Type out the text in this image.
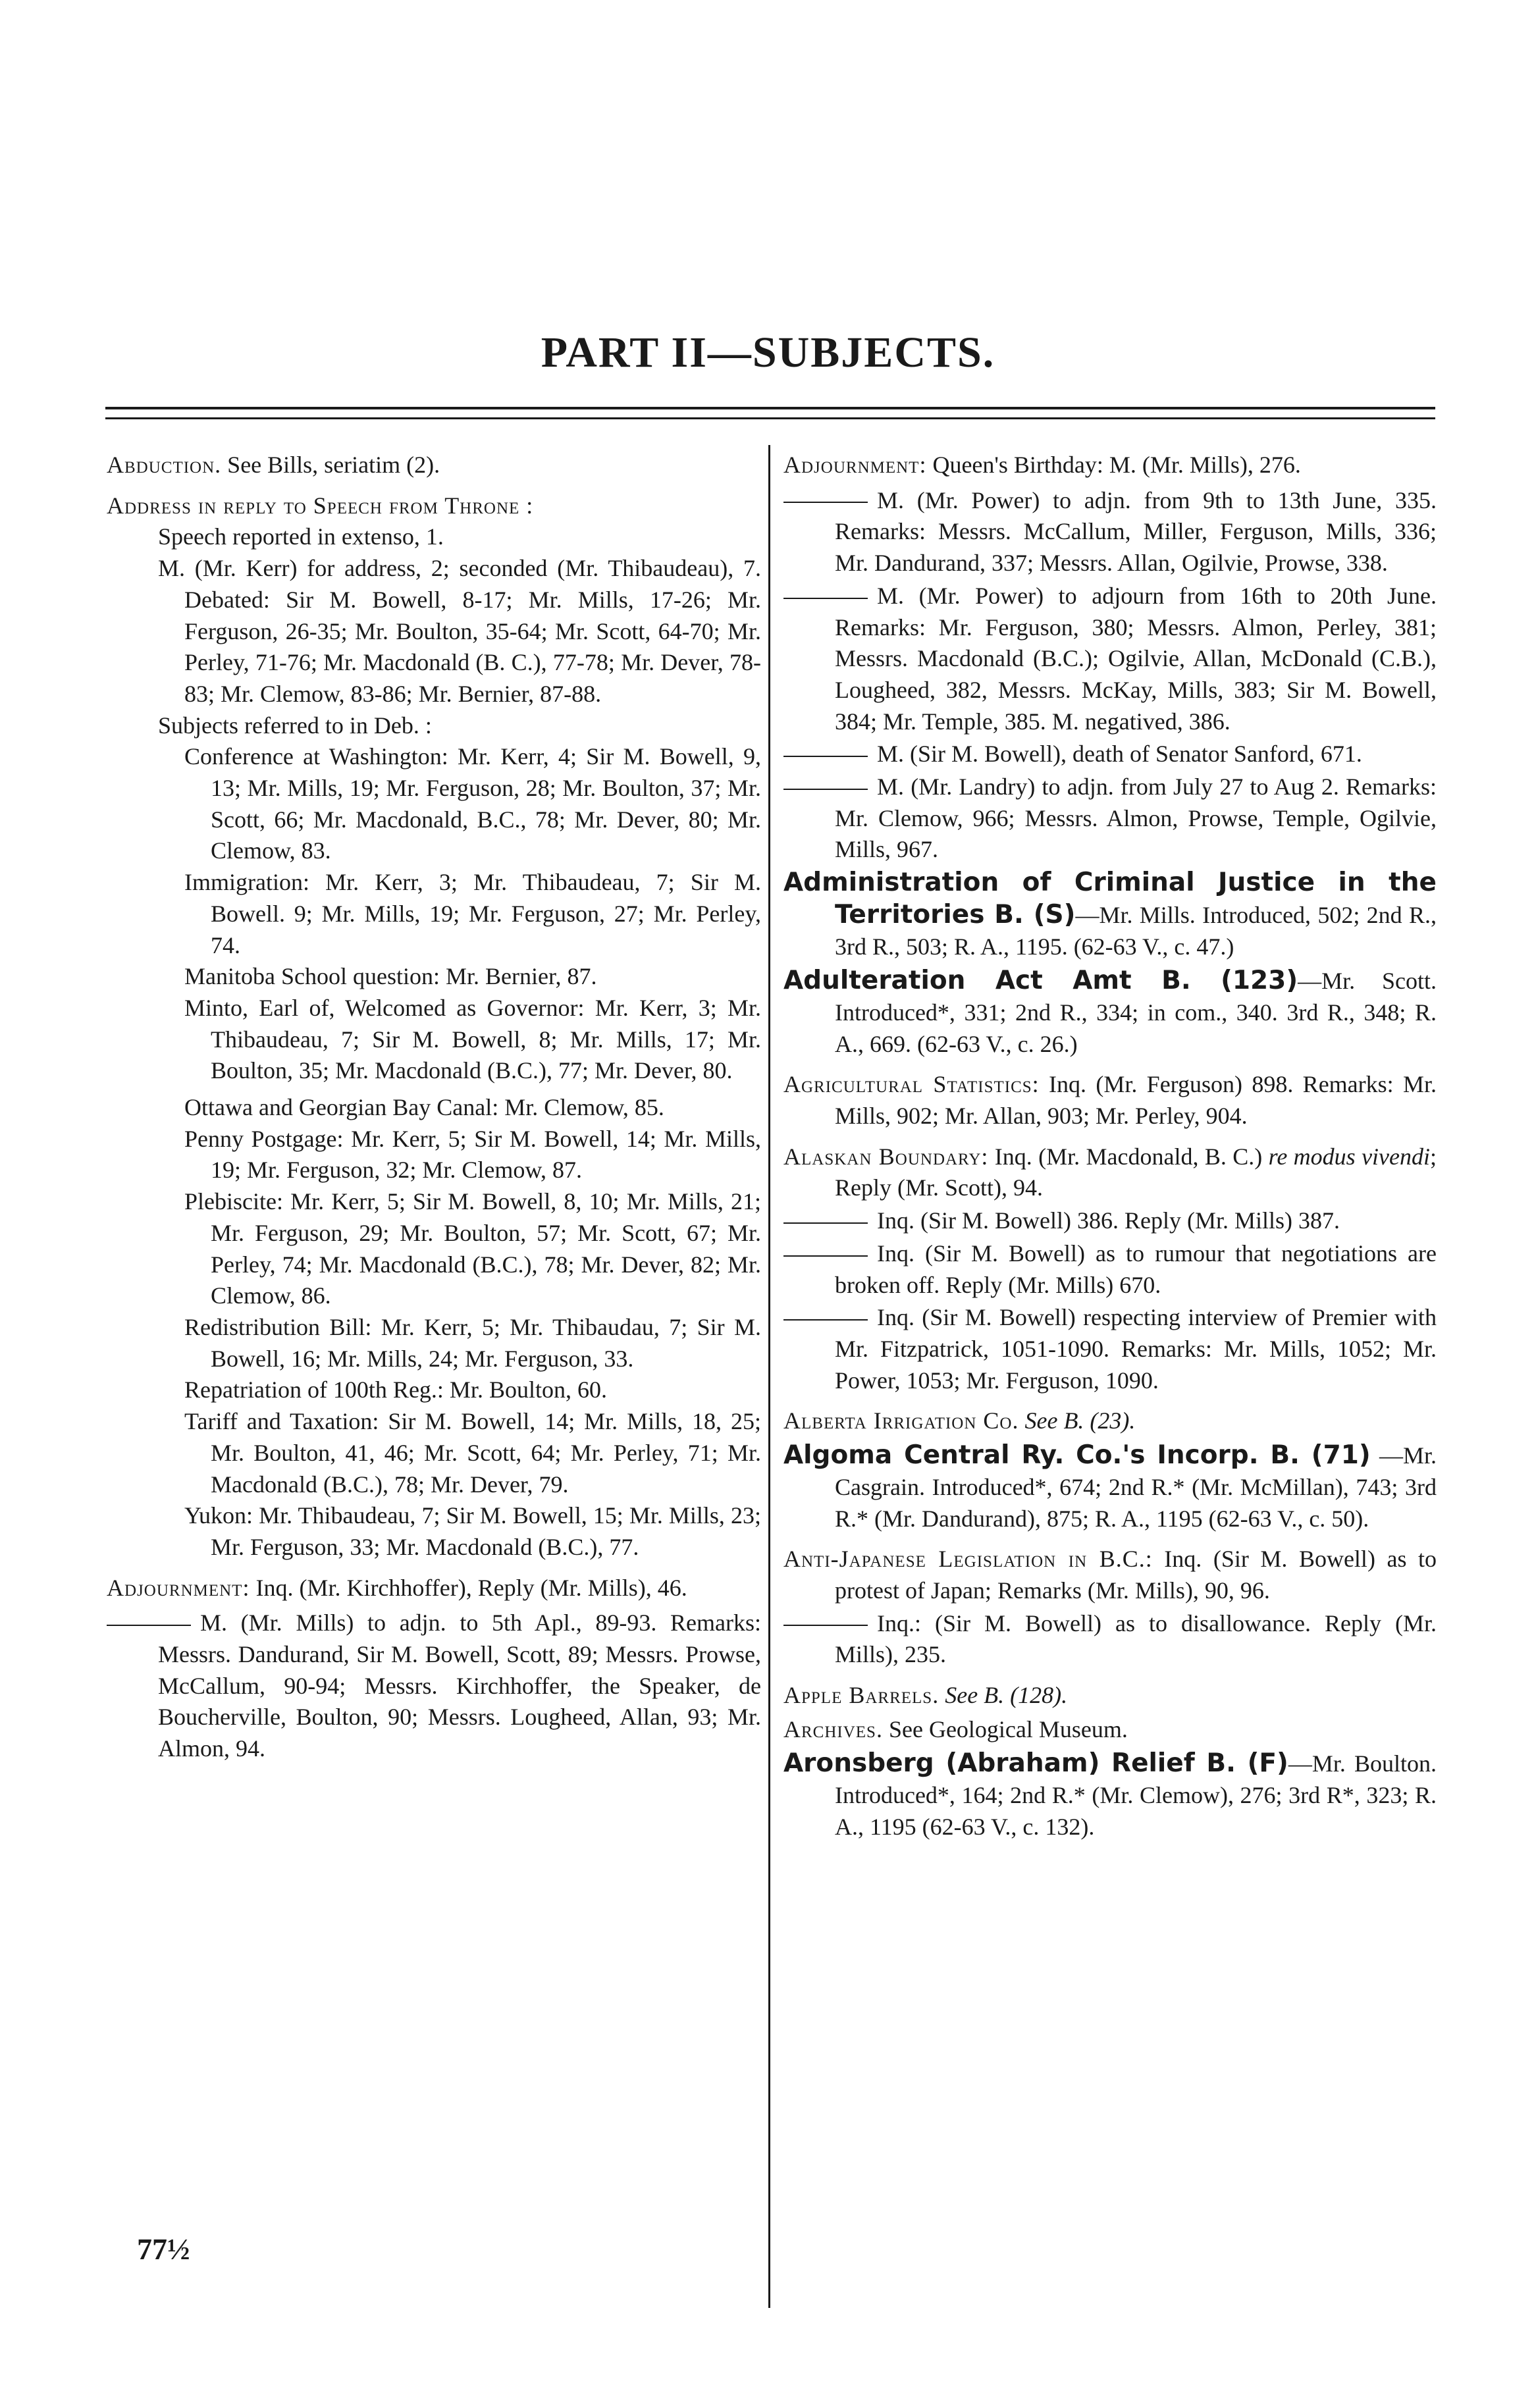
PART II—SUBJECTS.

Abduction. See Bills, seriatim (2).

Address in reply to Speech from Throne :

Speech reported in extenso, 1.
M. (Mr. Kerr) for address, 2; seconded (Mr. Thibaudeau), 7. Debated: Sir M. Bowell, 8-17; Mr. Mills, 17-26; Mr. Ferguson, 26-35; Mr. Boulton, 35-64; Mr. Scott, 64-70; Mr. Perley, 71-76; Mr. Macdonald (B. C.), 77-78; Mr. Dever, 78-83; Mr. Clemow, 83-86; Mr. Bernier, 87-88.
Subjects referred to in Deb. :
Conference at Washington: Mr. Kerr, 4; Sir M. Bowell, 9, 13; Mr. Mills, 19; Mr. Ferguson, 28; Mr. Boulton, 37; Mr. Scott, 66; Mr. Macdonald, B.C., 78; Mr. Dever, 80; Mr. Clemow, 83.
Immigration: Mr. Kerr, 3; Mr. Thibaudeau, 7; Sir M. Bowell. 9; Mr. Mills, 19; Mr. Ferguson, 27; Mr. Perley, 74.
Manitoba School question: Mr. Bernier, 87.
Minto, Earl of, Welcomed as Governor: Mr. Kerr, 3; Mr. Thibaudeau, 7; Sir M. Bowell, 8; Mr. Mills, 17; Mr. Boulton, 35; Mr. Macdonald (B.C.), 77; Mr. Dever, 80.
Ottawa and Georgian Bay Canal: Mr. Clemow, 85.
Penny Postgage: Mr. Kerr, 5; Sir M. Bowell, 14; Mr. Mills, 19; Mr. Ferguson, 32; Mr. Clemow, 87.
Plebiscite: Mr. Kerr, 5; Sir M. Bowell, 8, 10; Mr. Mills, 21; Mr. Ferguson, 29; Mr. Boulton, 57; Mr. Scott, 67; Mr. Perley, 74; Mr. Macdonald (B.C.), 78; Mr. Dever, 82; Mr. Clemow, 86.
Redistribution Bill: Mr. Kerr, 5; Mr. Thibaudau, 7; Sir M. Bowell, 16; Mr. Mills, 24; Mr. Ferguson, 33.
Repatriation of 100th Reg.: Mr. Boulton, 60.
Tariff and Taxation: Sir M. Bowell, 14; Mr. Mills, 18, 25; Mr. Boulton, 41, 46; Mr. Scott, 64; Mr. Perley, 71; Mr. Macdonald (B.C.), 78; Mr. Dever, 79.
Yukon: Mr. Thibaudeau, 7; Sir M. Bowell, 15; Mr. Mills, 23; Mr. Ferguson, 33; Mr. Macdonald (B.C.), 77.

Adjournment: Inq. (Mr. Kirchhoffer), Reply (Mr. Mills), 46.

M. (Mr. Mills) to adjn. to 5th Apl., 89-93. Remarks: Messrs. Dandurand, Sir M. Bowell, Scott, 89; Messrs. Prowse, McCallum, 90-94; Messrs. Kirchhoffer, the Speaker, de Boucherville, Boulton, 90; Messrs. Lougheed, Allan, 93; Mr. Almon, 94.

Adjournment: Queen's Birthday: M. (Mr. Mills), 276.

M. (Mr. Power) to adjn. from 9th to 13th June, 335. Remarks: Messrs. McCallum, Miller, Ferguson, Mills, 336; Mr. Dandurand, 337; Messrs. Allan, Ogilvie, Prowse, 338.

M. (Mr. Power) to adjourn from 16th to 20th June. Remarks: Mr. Ferguson, 380; Messrs. Almon, Perley, 381; Messrs. Macdonald (B.C.); Ogilvie, Allan, McDonald (C.B.), Lougheed, 382, Messrs. McKay, Mills, 383; Sir M. Bowell, 384; Mr. Temple, 385. M. negatived, 386.

M. (Sir M. Bowell), death of Senator Sanford, 671.

M. (Mr. Landry) to adjn. from July 27 to Aug 2. Remarks: Mr. Clemow, 966; Messrs. Almon, Prowse, Temple, Ogilvie, Mills, 967.

Administration of Criminal Justice in the Territories B. (S)—Mr. Mills. Introduced, 502; 2nd R., 3rd R., 503; R. A., 1195. (62-63 V., c. 47.)

Adulteration Act Amt B. (123)—Mr. Scott. Introduced*, 331; 2nd R., 334; in com., 340. 3rd R., 348; R. A., 669. (62-63 V., c. 26.)

Agricultural Statistics: Inq. (Mr. Ferguson) 898. Remarks: Mr. Mills, 902; Mr. Allan, 903; Mr. Perley, 904.

Alaskan Boundary: Inq. (Mr. Macdonald, B. C.) re modus vivendi; Reply (Mr. Scott), 94.

Inq. (Sir M. Bowell) 386. Reply (Mr. Mills) 387.

Inq. (Sir M. Bowell) as to rumour that negotiations are broken off. Reply (Mr. Mills) 670.

Inq. (Sir M. Bowell) respecting interview of Premier with Mr. Fitzpatrick, 1051-1090. Remarks: Mr. Mills, 1052; Mr. Power, 1053; Mr. Ferguson, 1090.

Alberta Irrigation Co. See B. (23).

Algoma Central Ry. Co.'s Incorp. B. (71) —Mr. Casgrain. Introduced*, 674; 2nd R.* (Mr. McMillan), 743; 3rd R.* (Mr. Dandurand), 875; R. A., 1195 (62-63 V., c. 50).

Anti-Japanese Legislation in B.C.: Inq. (Sir M. Bowell) as to protest of Japan; Remarks (Mr. Mills), 90, 96.

Inq.: (Sir M. Bowell) as to disallowance. Reply (Mr. Mills), 235.

Apple Barrels. See B. (128).

Archives. See Geological Museum.

Aronsberg (Abraham) Relief B. (F)—Mr. Boulton. Introduced*, 164; 2nd R.* (Mr. Clemow), 276; 3rd R*, 323; R. A., 1195 (62-63 V., c. 132).

77½
